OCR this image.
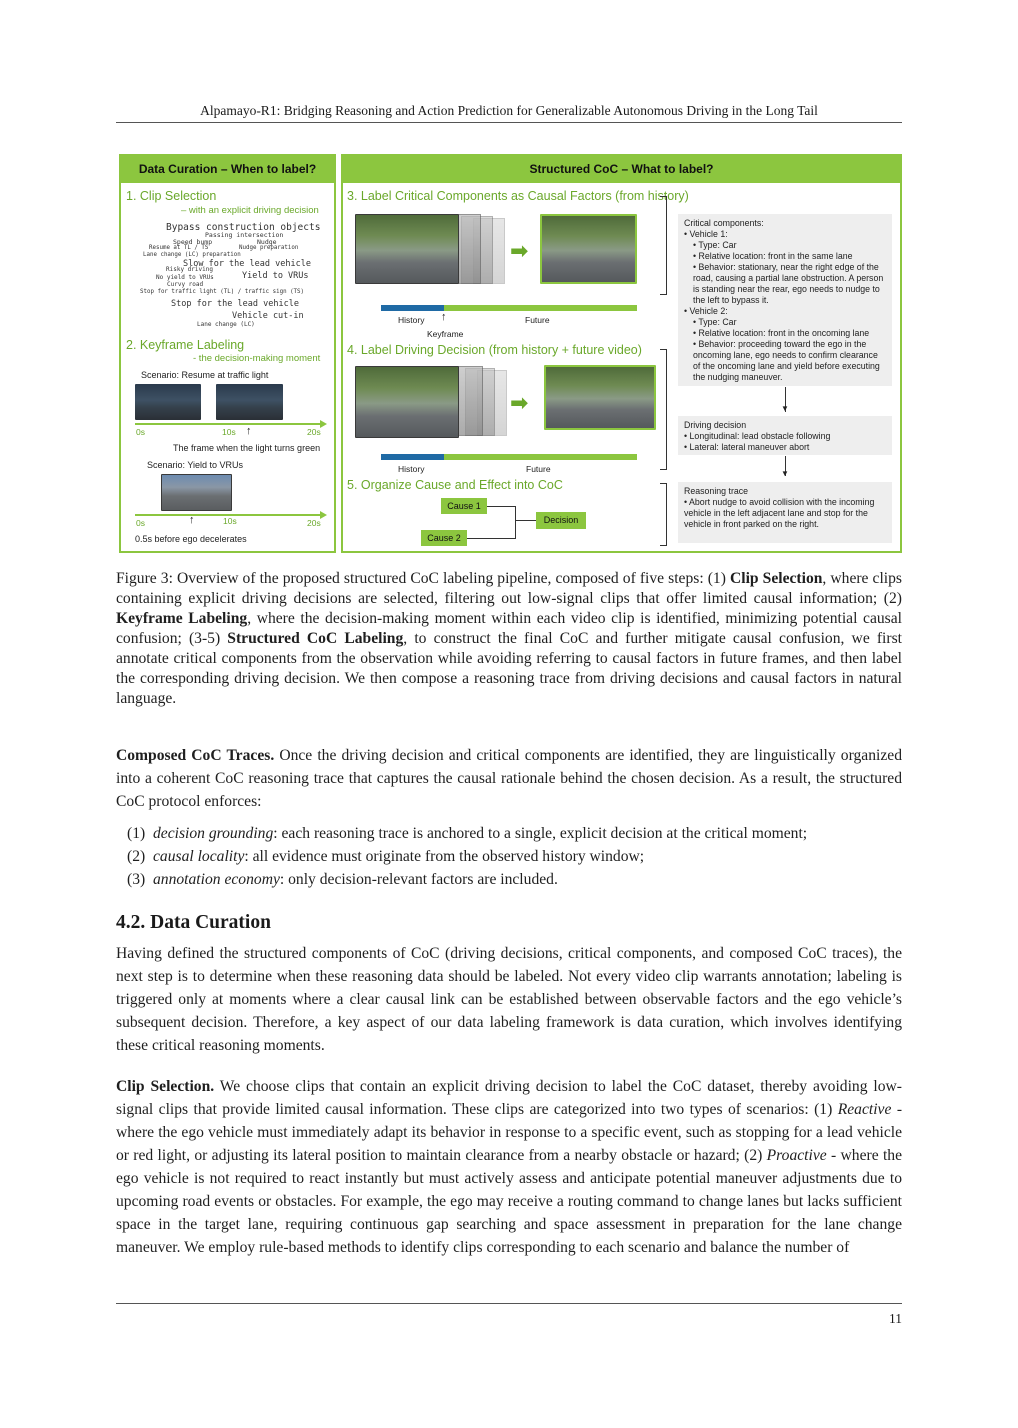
Alpamayo-R1: Bridging Reasoning and Action Prediction for Generalizable Autonomous Driving in the Long Tail
Data Curation – When to label?
1. Clip Selection
– with an explicit driving decision
Bypass construction objects
Passing intersection
Speed bump	Nudge
Resume at TL / TS	Nudge preparation
Lane change (LC) preparation
Slow for the lead vehicle
Risky driving
No yield to VRUs	Yield to VRUs
Curvy road
Stop for traffic light (TL) / traffic sign (TS)
Stop for the lead vehicle
Vehicle cut-in
Lane change (LC)
2. Keyframe Labeling
- the decision-making moment
Scenario: Resume at traffic light
0s	10s	20s
↑
The frame when the light turns green
Scenario: Yield to VRUs
0s	10s	20s
↑
0.5s before ego decelerates
Structured CoC – What to label?
3. Label Critical Components as Causal Factors (from history)
➡
History ↑	Future
Keyframe
4. Label Driving Decision (from history + future video)
➡
History	Future
5. Organize Cause and Effect into CoC
Cause 1
Cause 2
Decision
Critical components:
• Vehicle 1:
• Type: Car
• Relative location: front in the same lane
• Behavior: stationary, near the right edge of the road, causing a partial lane obstruction. A person is standing near the rear, ego needs to nudge to the left to bypass it.
• Vehicle 2:
• Type: Car
• Relative location: front in the oncoming lane
• Behavior: proceeding toward the ego in the oncoming lane, ego needs to confirm clearance of the oncoming lane and yield before executing the nudging maneuver.
▼
Driving decision
• Longitudinal: lead obstacle following
• Lateral: lateral maneuver abort
▼
Reasoning trace
• Abort nudge to avoid collision with the incoming vehicle in the left adjacent lane and stop for the vehicle in front parked on the right.
Figure 3: Overview of the proposed structured CoC labeling pipeline, composed of five steps: (1) Clip Selection, where clips containing explicit driving decisions are selected, filtering out low-signal clips that offer limited causal information; (2) Keyframe Labeling, where the decision-making moment within each video clip is identified, minimizing potential causal confusion; (3-5) Structured CoC Labeling, to construct the final CoC and further mitigate causal confusion, we first annotate critical components from the observation while avoiding referring to causal factors in future frames, and then label the corresponding driving decision. We then compose a reasoning trace from driving decisions and causal factors in natural language.
Composed CoC Traces. Once the driving decision and critical components are identified, they are linguistically organized into a coherent CoC reasoning trace that captures the causal rationale behind the chosen decision. As a result, the structured CoC protocol enforces:
(1) decision grounding: each reasoning trace is anchored to a single, explicit decision at the critical moment;
(2) causal locality: all evidence must originate from the observed history window;
(3) annotation economy: only decision-relevant factors are included.
4.2. Data Curation
Having defined the structured components of CoC (driving decisions, critical components, and composed CoC traces), the next step is to determine when these reasoning data should be labeled. Not every video clip warrants annotation; labeling is triggered only at moments where a clear causal link can be established between observable factors and the ego vehicle’s subsequent decision. Therefore, a key aspect of our data labeling framework is data curation, which involves identifying these critical reasoning moments.
Clip Selection. We choose clips that contain an explicit driving decision to label the CoC dataset, thereby avoiding low-signal clips that provide limited causal information. These clips are categorized into two types of scenarios: (1) Reactive - where the ego vehicle must immediately adapt its behavior in response to a specific event, such as stopping for a lead vehicle or red light, or adjusting its lateral position to maintain clearance from a nearby obstacle or hazard; (2) Proactive - where the ego vehicle is not required to react instantly but must actively assess and anticipate potential maneuver adjustments due to upcoming road events or obstacles. For example, the ego may receive a routing command to change lanes but lacks sufficient space in the target lane, requiring continuous gap searching and space assessment in preparation for the lane change maneuver. We employ rule-based methods to identify clips corresponding to each scenario and balance the number of
11
